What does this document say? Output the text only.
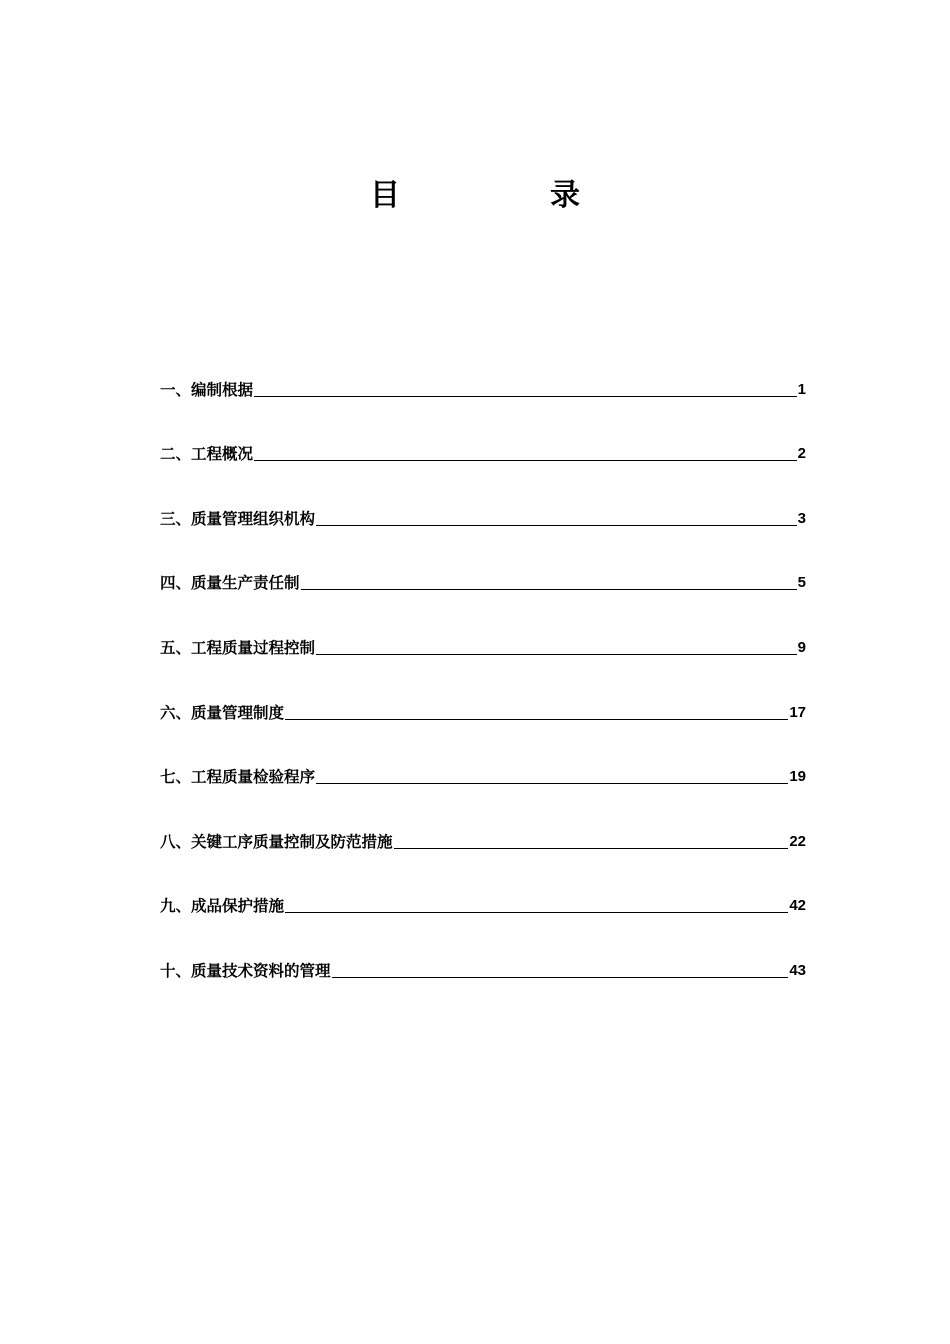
目　录
一、编制根据	1
二、工程概况	2
三、质量管理组织机构	3
四、质量生产责任制	5
五、工程质量过程控制	9
六、质量管理制度	17
七、工程质量检验程序	19
八、关键工序质量控制及防范措施	22
九、成品保护措施	42
十、质量技术资料的管理	43
